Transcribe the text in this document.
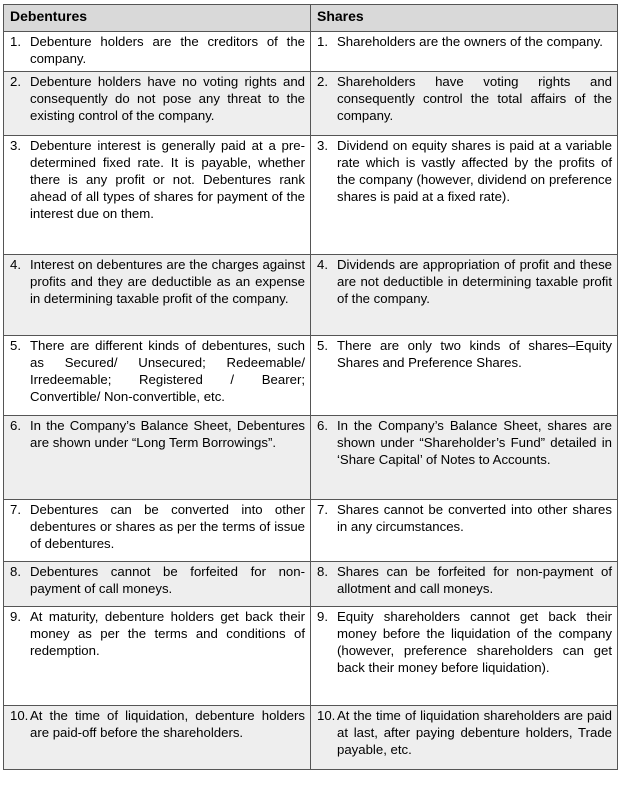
Debentures	Shares

1. Debenture holders are the creditors of the company.	1. Shareholders are the owners of the company.

2. Debenture holders have no voting rights and consequently do not pose any threat to the existing control of the company.	2. Shareholders have voting rights and consequently control the total affairs of the company.

3. Debenture interest is generally paid at a pre-determined fixed rate. It is payable, whether there is any profit or not. Debentures rank ahead of all types of shares for payment of the interest due on them.	3. Dividend on equity shares is paid at a variable rate which is vastly affected by the profits of the company (however, dividend on preference shares is paid at a fixed rate).

4. Interest on debentures are the charges against profits and they are deductible as an expense in determining taxable profit of the company.	4. Dividends are appropriation of profit and these are not deductible in determining taxable profit of the company.

5. There are different kinds of debentures, such as Secured/ Unsecured; Redeemable/ Irredeemable; Registered / Bearer; Convertible/ Non-convertible, etc.	5. There are only two kinds of shares–Equity Shares and Preference Shares.

6. In the Company’s Balance Sheet, Debentures are shown under “Long Term Borrowings”.	6. In the Company’s Balance Sheet, shares are shown under “Shareholder’s Fund” detailed in ‘Share Capital’ of Notes to Accounts.

7. Debentures can be converted into other debentures or shares as per the terms of issue of debentures.	7. Shares cannot be converted into other shares in any circumstances.

8. Debentures cannot be forfeited for non-payment of call moneys.	8. Shares can be forfeited for non-payment of allotment and call moneys.

9. At maturity, debenture holders get back their money as per the terms and conditions of redemption.	9. Equity shareholders cannot get back their money before the liquidation of the company (however, preference shareholders can get back their money before liquidation).

10. At the time of liquidation, debenture holders are paid-off before the shareholders.	10. At the time of liquidation shareholders are paid at last, after paying debenture holders, Trade payable, etc.
